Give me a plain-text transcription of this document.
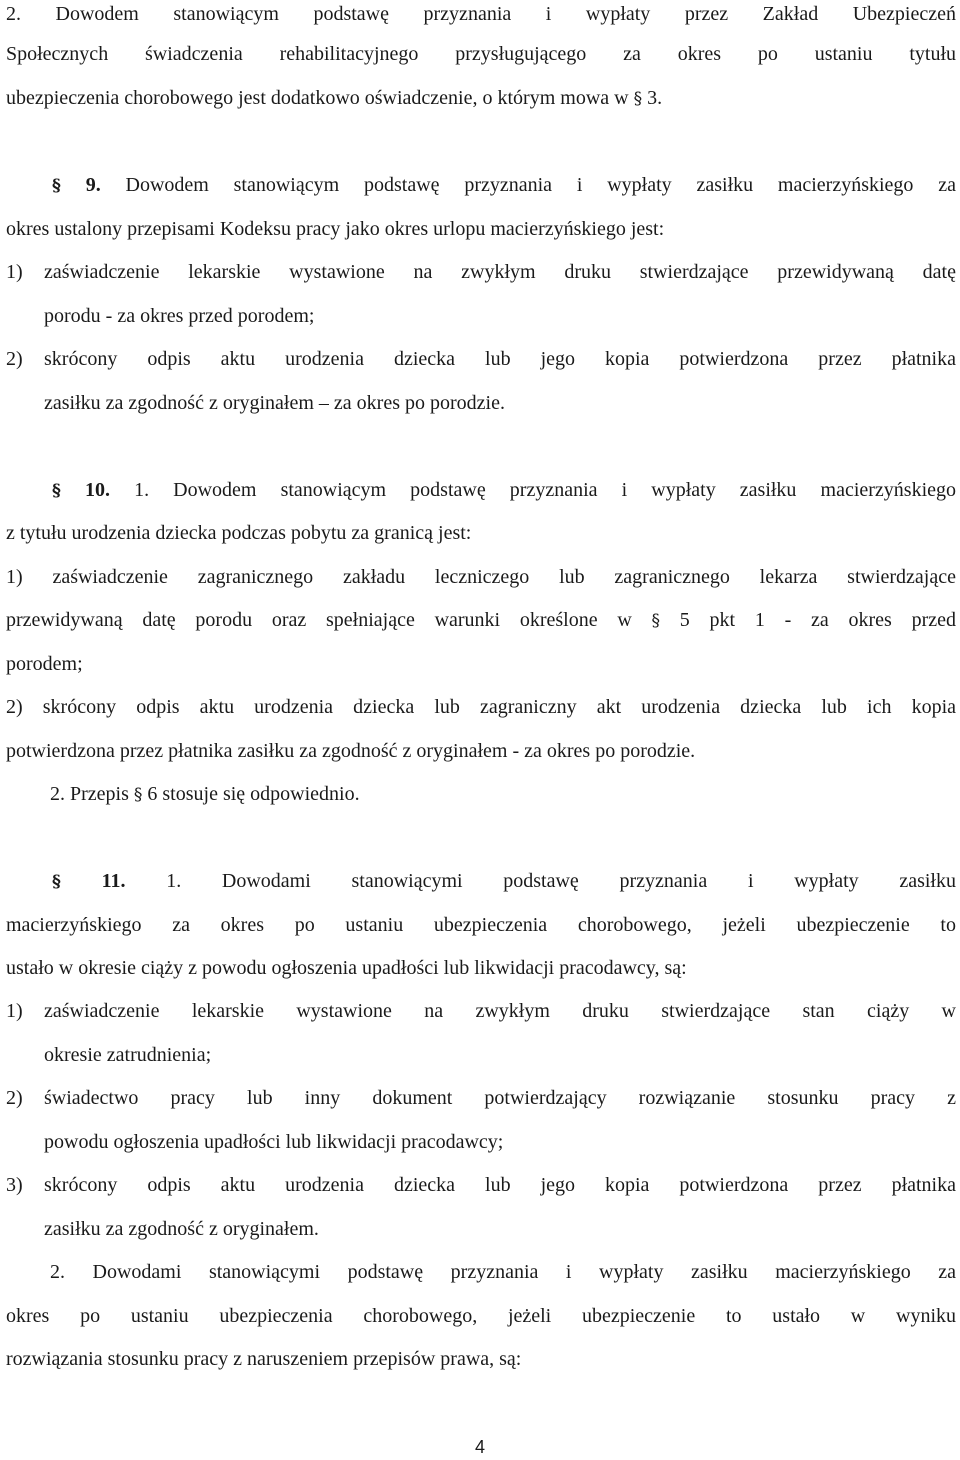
2. Dowodem stanowiącym podstawę przyznania i wypłaty przez Zakład Ubezpieczeń
Społecznych świadczenia rehabilitacyjnego przysługującego za okres po ustaniu tytułu
ubezpieczenia chorobowego jest dodatkowo oświadczenie, o którym mowa w § 3.
§ 9. Dowodem stanowiącym podstawę przyznania i wypłaty zasiłku macierzyńskiego za
okres ustalony przepisami Kodeksu pracy jako okres urlopu macierzyńskiego jest:
1)	zaświadczenie lekarskie wystawione na zwykłym druku stwierdzające przewidywaną datę
porodu - za okres przed porodem;
2)	skrócony odpis aktu urodzenia dziecka lub jego kopia potwierdzona przez płatnika
zasiłku za zgodność z oryginałem – za okres po porodzie.
§ 10. 1. Dowodem stanowiącym podstawę przyznania i wypłaty zasiłku macierzyńskiego
z tytułu urodzenia dziecka podczas pobytu za granicą jest:
1) zaświadczenie zagranicznego zakładu leczniczego lub zagranicznego lekarza stwierdzające
przewidywaną datę porodu oraz spełniające warunki określone w § 5 pkt 1 - za okres przed
porodem;
2) skrócony odpis aktu urodzenia dziecka lub zagraniczny akt urodzenia dziecka lub ich kopia
potwierdzona przez płatnika zasiłku za zgodność z oryginałem - za okres po porodzie.
2. Przepis § 6 stosuje się odpowiednio.
§ 11. 1. Dowodami stanowiącymi podstawę przyznania i wypłaty zasiłku
macierzyńskiego za okres po ustaniu ubezpieczenia chorobowego, jeżeli ubezpieczenie to
ustało w okresie ciąży z powodu ogłoszenia upadłości lub likwidacji pracodawcy, są:
1)	zaświadczenie lekarskie wystawione na zwykłym druku stwierdzające stan ciąży w
okresie zatrudnienia;
2)	świadectwo pracy lub inny dokument potwierdzający rozwiązanie stosunku pracy z
powodu ogłoszenia upadłości lub likwidacji pracodawcy;
3)	skrócony odpis aktu urodzenia dziecka lub jego kopia potwierdzona przez płatnika
zasiłku za zgodność z oryginałem.
2. Dowodami stanowiącymi podstawę przyznania i wypłaty zasiłku macierzyńskiego za
okres po ustaniu ubezpieczenia chorobowego, jeżeli ubezpieczenie to ustało w wyniku
rozwiązania stosunku pracy z naruszeniem przepisów prawa, są:
4
